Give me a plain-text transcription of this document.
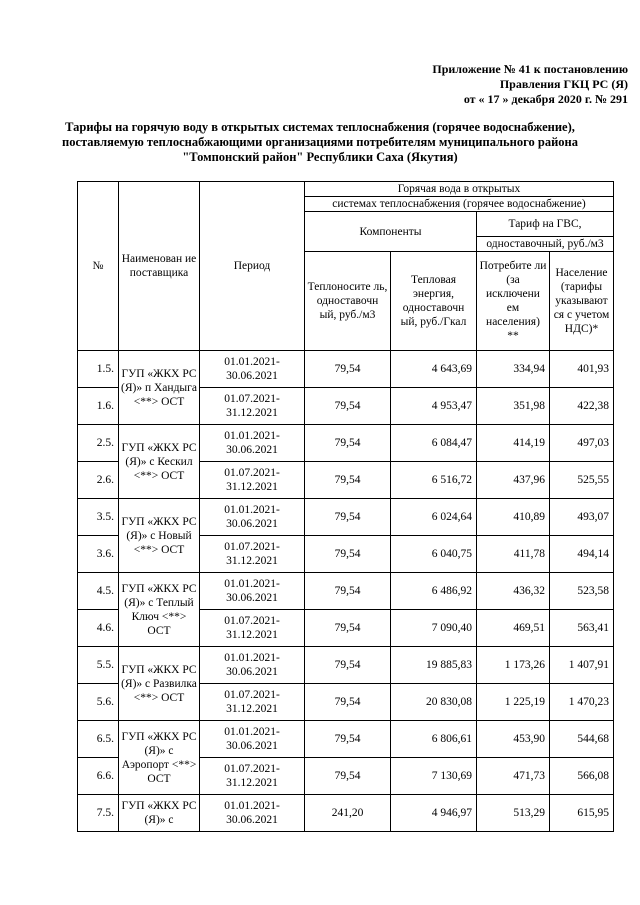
Приложение № 41 к постановлению
Правления ГКЦ РС (Я)
от « 17 » декабря 2020 г. № 291
Тарифы на горячую воду в открытых системах теплоснабжения (горячее водоснабжение),
поставляемую теплоснабжающими организациями потребителям муниципального района
"Томпонский район" Республики Саха (Якутия)
№	Наименован ие поставщика	Период	Горячая вода в открытых			
			системах теплоснабжения (горячее водоснабжение)			
			Компоненты		Тариф на ГВС,	
					одноставочный, руб./м3	
			Теплоносите ль, одноставочн ый, руб./м3	Тепловая энергия, одноставочн ый, руб./Гкал	Потребите ли (за исключени ем населения) **	Население (тарифы указывают ся с учетом НДС)*
1.5.	ГУП «ЖКХ РС (Я)» п Хандыга <**> ОСТ	01.01.2021-30.06.2021	79,54	4 643,69	334,94	401,93
1.6.		01.07.2021-31.12.2021	79,54	4 953,47	351,98	422,38
2.5.	ГУП «ЖКХ РС (Я)» с Кескил <**> ОСТ	01.01.2021-30.06.2021	79,54	6 084,47	414,19	497,03
2.6.		01.07.2021-31.12.2021	79,54	6 516,72	437,96	525,55
3.5.	ГУП «ЖКХ РС (Я)» с Новый <**> ОСТ	01.01.2021-30.06.2021	79,54	6 024,64	410,89	493,07
3.6.		01.07.2021-31.12.2021	79,54	6 040,75	411,78	494,14
4.5.	ГУП «ЖКХ РС (Я)» с Теплый Ключ <**> ОСТ	01.01.2021-30.06.2021	79,54	6 486,92	436,32	523,58
4.6.		01.07.2021-31.12.2021	79,54	7 090,40	469,51	563,41
5.5.	ГУП «ЖКХ РС (Я)» с Развилка <**> ОСТ	01.01.2021-30.06.2021	79,54	19 885,83	1 173,26	1 407,91
5.6.		01.07.2021-31.12.2021	79,54	20 830,08	1 225,19	1 470,23
6.5.	ГУП «ЖКХ РС (Я)» с Аэропорт <**> ОСТ	01.01.2021-30.06.2021	79,54	6 806,61	453,90	544,68
6.6.		01.07.2021-31.12.2021	79,54	7 130,69	471,73	566,08
7.5.	ГУП «ЖКХ РС (Я)» с	01.01.2021-30.06.2021	241,20	4 946,97	513,29	615,95
